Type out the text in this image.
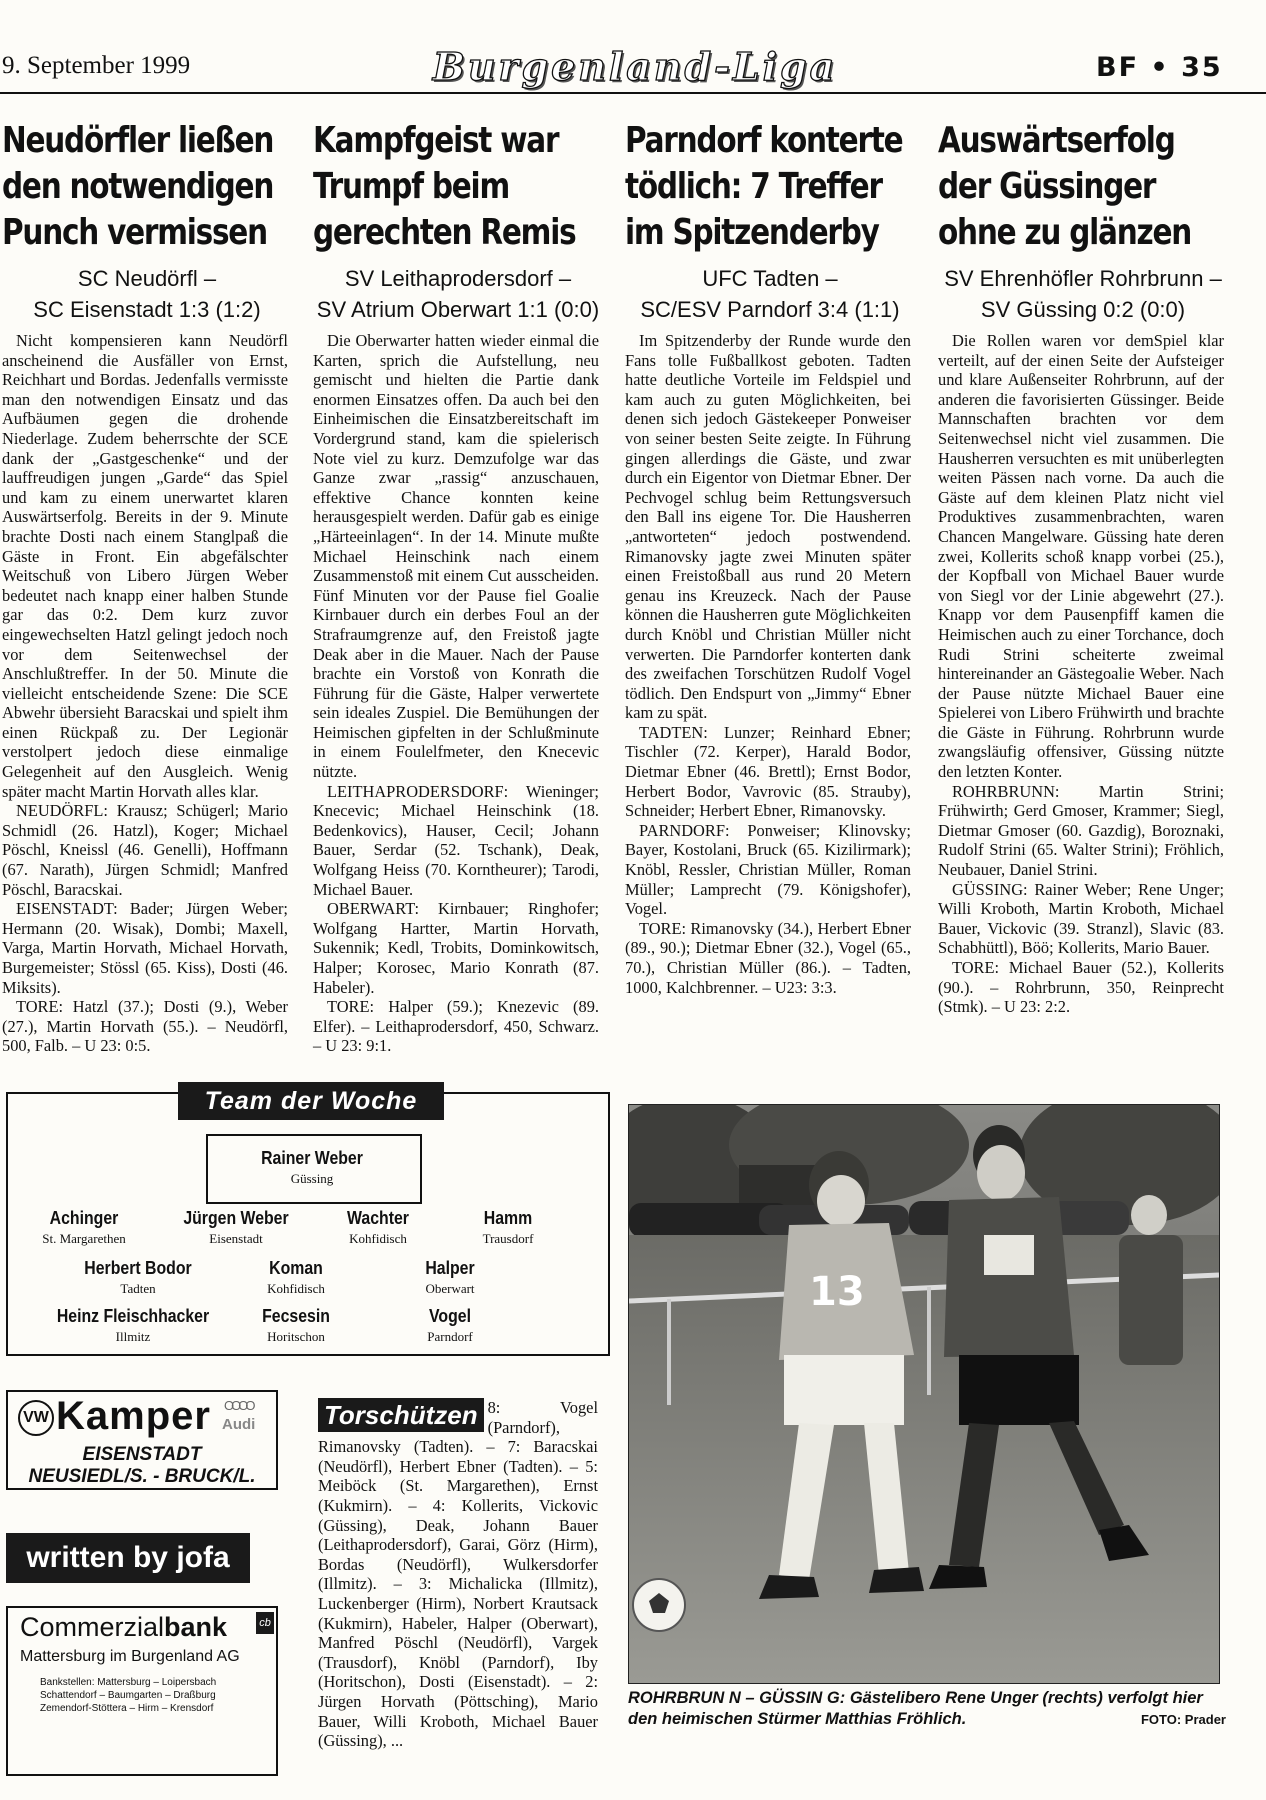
9. September 1999	Burgenland-Liga	BF • 35
Neudörfler ließen den notwendigen Punch vermissen
SC Neudörfl –
SC Eisenstadt 1:3 (1:2)

Nicht kompensieren kann Neudörfl anscheinend die Ausfäller von Ernst, Reichhart und Bordas. Jedenfalls vermisste man den notwendigen Einsatz und das Aufbäumen gegen die drohende Niederlage. Zudem beherrschte der SCE dank der „Gastgeschenke“ und der lauffreudigen jungen „Garde“ das Spiel und kam zu einem unerwartet klaren Auswärtserfolg. Bereits in der 9. Minute brachte Dosti nach einem Stanglpaß die Gäste in Front. Ein abgefälschter Weitschuß von Libero Jürgen Weber bedeutet nach knapp einer halben Stunde gar das 0:2. Dem kurz zuvor eingewechselten Hatzl gelingt jedoch noch vor dem Seitenwechsel der Anschlußtreffer. In der 50. Minute die vielleicht entscheidende Szene: Die SCE Abwehr übersieht Baracskai und spielt ihm einen Rückpaß zu. Der Legionär verstolpert jedoch diese einmalige Gelegenheit auf den Ausgleich. Wenig später macht Martin Horvath alles klar.

NEUDÖRFL: Krausz; Schügerl; Mario Schmidl (26. Hatzl), Koger; Michael Pöschl, Kneissl (46. Genelli), Hoffmann (67. Narath), Jürgen Schmidl; Manfred Pöschl, Baracskai.

EISENSTADT: Bader; Jürgen Weber; Hermann (20. Wisak), Dombi; Maxell, Varga, Martin Horvath, Michael Horvath, Burgemeister; Stössl (65. Kiss), Dosti (46. Miksits).

TORE: Hatzl (37.); Dosti (9.), Weber (27.), Martin Horvath (55.). – Neudörfl, 500, Falb. – U 23: 0:5.

Kampfgeist war Trumpf beim gerechten Remis
SV Leithaprodersdorf –
SV Atrium Oberwart 1:1 (0:0)

Die Oberwarter hatten wieder einmal die Karten, sprich die Aufstellung, neu gemischt und hielten die Partie dank enormen Einsatzes offen. Da auch bei den Einheimischen die Einsatzbereitschaft im Vordergrund stand, kam die spielerisch Note viel zu kurz. Demzufolge war das Ganze zwar „rassig“ anzuschauen, effektive Chance konnten keine herausgespielt werden. Dafür gab es einige „Härteeinlagen“. In der 14. Minute mußte Michael Heinschink nach einem Zusammenstoß mit einem Cut ausscheiden. Fünf Minuten vor der Pause fiel Goalie Kirnbauer durch ein derbes Foul an der Strafraumgrenze auf, den Freistoß jagte Deak aber in die Mauer. Nach der Pause brachte ein Vorstoß von Konrath die Führung für die Gäste, Halper verwertete sein ideales Zuspiel. Die Bemühungen der Heimischen gipfelten in der Schlußminute in einem Foulelfmeter, den Knecevic nützte.

LEITHAPRODERSDORF: Wieninger; Knecevic; Michael Heinschink (18. Bedenkovics), Hauser, Cecil; Johann Bauer, Serdar (52. Tschank), Deak, Wolfgang Heiss (70. Korntheurer); Tarodi, Michael Bauer.

OBERWART: Kirnbauer; Ringhofer; Wolfgang Hartter, Martin Horvath, Sukennik; Kedl, Trobits, Dominkowitsch, Halper; Korosec, Mario Konrath (87. Habeler).

TORE: Halper (59.); Knezevic (89. Elfer). – Leithaprodersdorf, 450, Schwarz. – U 23: 9:1.

Parndorf konterte tödlich: 7 Treffer im Spitzenderby
UFC Tadten –
SC/ESV Parndorf 3:4 (1:1)

Im Spitzenderby der Runde wurde den Fans tolle Fußballkost geboten. Tadten hatte deutliche Vorteile im Feldspiel und kam auch zu guten Möglichkeiten, bei denen sich jedoch Gästekeeper Ponweiser von seiner besten Seite zeigte. In Führung gingen allerdings die Gäste, und zwar durch ein Eigentor von Dietmar Ebner. Der Pechvogel schlug beim Rettungsversuch den Ball ins eigene Tor. Die Hausherren „antworteten“ jedoch postwendend. Rimanovsky jagte zwei Minuten später einen Freistoßball aus rund 20 Metern genau ins Kreuzeck. Nach der Pause können die Hausherren gute Möglichkeiten durch Knöbl und Christian Müller nicht verwerten. Die Parndorfer konterten dank des zweifachen Torschützen Rudolf Vogel tödlich. Den Endspurt von „Jimmy“ Ebner kam zu spät.

TADTEN: Lunzer; Reinhard Ebner; Tischler (72. Kerper), Harald Bodor, Dietmar Ebner (46. Brettl); Ernst Bodor, Herbert Bodor, Vavrovic (85. Strauby), Schneider; Herbert Ebner, Rimanovsky.

PARNDORF: Ponweiser; Klinovsky; Bayer, Kostolani, Bruck (65. Kizilirmark); Knöbl, Ressler, Christian Müller, Roman Müller; Lamprecht (79. Königshofer), Vogel.

TORE: Rimanovsky (34.), Herbert Ebner (89., 90.); Dietmar Ebner (32.), Vogel (65., 70.), Christian Müller (86.). – Tadten, 1000, Kalchbrenner. – U23: 3:3.

Auswärtserfolg der Güssinger ohne zu glänzen
SV Ehrenhöfler Rohrbrunn –
SV Güssing 0:2 (0:0)

Die Rollen waren vor demSpiel klar verteilt, auf der einen Seite der Aufsteiger und klare Außenseiter Rohrbrunn, auf der anderen die favorisierten Güssinger. Beide Mannschaften brachten vor dem Seitenwechsel nicht viel zusammen. Die Hausherren versuchten es mit unüberlegten weiten Pässen nach vorne. Da auch die Gäste auf dem kleinen Platz nicht viel Produktives zusammenbrachten, waren Chancen Mangelware. Güssing hate deren zwei, Kollerits schoß knapp vorbei (25.), der Kopfball von Michael Bauer wurde von Siegl vor der Linie abgewehrt (27.). Knapp vor dem Pausenpfiff kamen die Heimischen auch zu einer Torchance, doch Rudi Strini scheiterte zweimal hintereinander an Gästegoalie Weber. Nach der Pause nützte Michael Bauer eine Spielerei von Libero Frühwirth und brachte die Gäste in Führung. Rohrbrunn wurde zwangsläufig offensiver, Güssing nützte den letzten Konter.

ROHRBRUNN: Martin Strini; Frühwirth; Gerd Gmoser, Krammer; Siegl, Dietmar Gmoser (60. Gazdig), Boroznaki, Rudolf Strini (65. Walter Strini); Fröhlich, Neubauer, Daniel Strini.

GÜSSING: Rainer Weber; Rene Unger; Willi Kroboth, Martin Kroboth, Michael Bauer, Vickovic (39. Stranzl), Slavic (83. Schabhüttl), Böö; Kollerits, Mario Bauer.

TORE: Michael Bauer (52.), Kollerits (90.). – Rohrbrunn, 350, Reinprecht (Stmk). – U 23: 2:2.

Team der Woche
Rainer Weber
Güssing
Achinger
St. Margarethen
Jürgen Weber
Eisenstadt
Wachter
Kohfidisch
Hamm
Trausdorf
Herbert Bodor
Tadten
Koman
Kohfidisch
Halper
Oberwart
Heinz Fleischhacker
Illmitz
Fecsesin
Horitschon
Vogel
Parndorf
VW Kamper OOOO
Audi
EISENSTADT
NEUSIEDL/S. - BRUCK/L.
written by jofa
Commerzialbank	cb
Mattersburg im Burgenland AG
Bankstellen: Mattersburg – Loipersbach Schattendorf – Baumgarten – Draßburg Zemendorf-Stöttera – Hirm – Krensdorf
Torschützen 8: Vogel (Parndorf), Rimanovsky (Tadten). – 7: Baracskai (Neudörfl), Herbert Ebner (Tadten). – 5: Meiböck (St. Margarethen), Ernst (Kukmirn). – 4: Kollerits, Vickovic (Güssing), Deak, Johann Bauer (Leithaprodersdorf), Garai, Görz (Hirm), Bordas (Neudörfl), Wulkersdorfer (Illmitz). – 3: Michalicka (Illmitz), Luckenberger (Hirm), Norbert Krautsack (Kukmirn), Habeler, Halper (Oberwart), Manfred Pöschl (Neudörfl), Vargek (Trausdorf), Knöbl (Parndorf), Iby (Horitschon), Dosti (Eisenstadt). – 2: Jürgen Horvath (Pöttsching), Mario Bauer, Willi Kroboth, Michael Bauer (Güssing), ...

13
ROHRBRUN N – GÜSSIN G: Gästelibero Rene Unger (rechts) verfolgt hier den heimischen Stürmer Matthias Fröhlich.	FOTO: Prader
